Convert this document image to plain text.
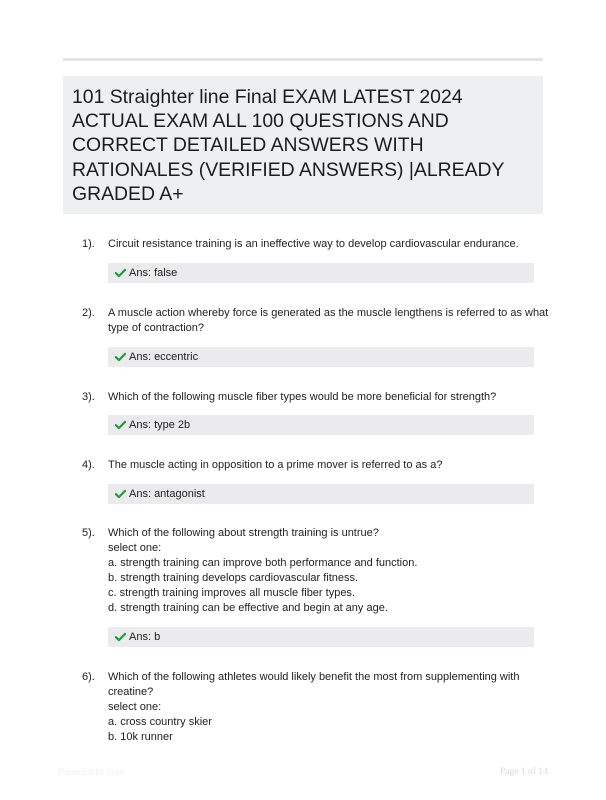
101 Straighter line Final EXAM LATEST 2024 ACTUAL EXAM ALL 100 QUESTIONS AND CORRECT DETAILED ANSWERS WITH RATIONALES (VERIFIED ANSWERS) |ALREADY GRADED A+
1). Circuit resistance training is an ineffective way to develop cardiovascular endurance.
Ans: false
2). A muscle action whereby force is generated as the muscle lengthens is referred to as what
type of contraction?
Ans: eccentric
3). Which of the following muscle fiber types would be more beneficial for strength?
Ans: type 2b
4). The muscle acting in opposition to a prime mover is referred to as a?
Ans: antagonist
5). Which of the following about strength training is untrue?
select one:
a. strength training can improve both performance and function.
b. strength training develops cardiovascular fitness.
c. strength training improves all muscle fiber types.
d. strength training can be effective and begin at any age.
Ans: b
6). Which of the following athletes would likely benefit the most from supplementing with
creatine?
select one:
a. cross country skier
b. 10k runner
PaperStbbc.com	Page 1 of 14
